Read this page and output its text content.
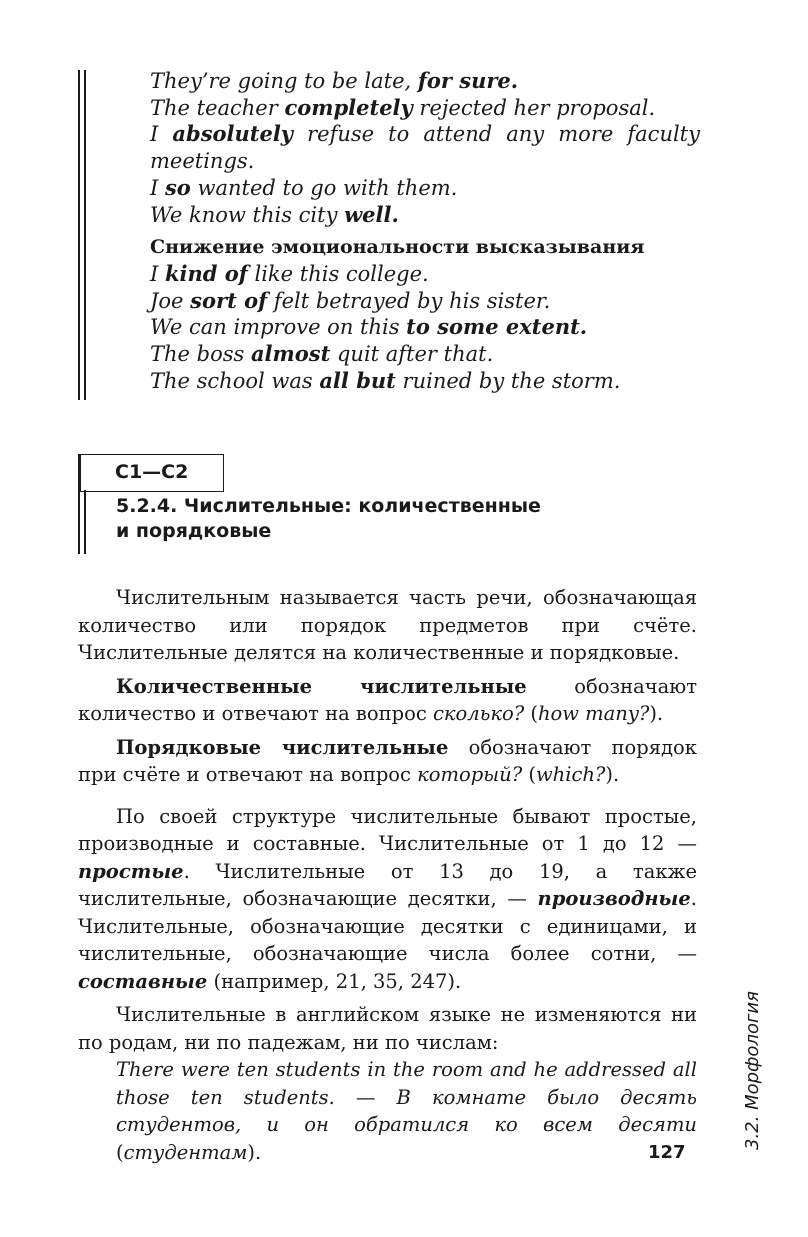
They’re going to be late, for sure.
The teacher completely rejected her proposal.
I absolutely refuse to attend any more faculty
meetings.
I so wanted to go with them.
We know this city well.
Снижение эмоциональности высказывания
I kind of like this college.
Joe sort of felt betrayed by his sister.
We can improve on this to some extent.
The boss almost quit after that.
The school was all but ruined by the storm.
С1—С2
5.2.4. Числительные: количественные
и порядковые

Числительным называется часть речи, обозначающая количество или порядок предметов при счёте. Числительные делятся на количественные и порядковые.

Количественные числительные обозначают количество и отвечают на вопрос сколько? (how many?).

Порядковые числительные обозначают порядок при счёте и отвечают на вопрос который? (which?).

По своей структуре числительные бывают простые, производные и составные. Числительные от 1 до 12 — простые. Числительные от 13 до 19, а также числительные, обозначающие десятки, — производные. Числительные, обозначающие десятки с единицами, и числительные, обозначающие числа более сотни, — составные (например, 21, 35, 247).

Числительные в английском языке не изменяются ни по родам, ни по падежам, ни по числам:

There were ten students in the room and he addressed all those ten students. — В комнате было десять студентов, и он обратился ко всем десяти (студентам).	127
3.2. Морфология
